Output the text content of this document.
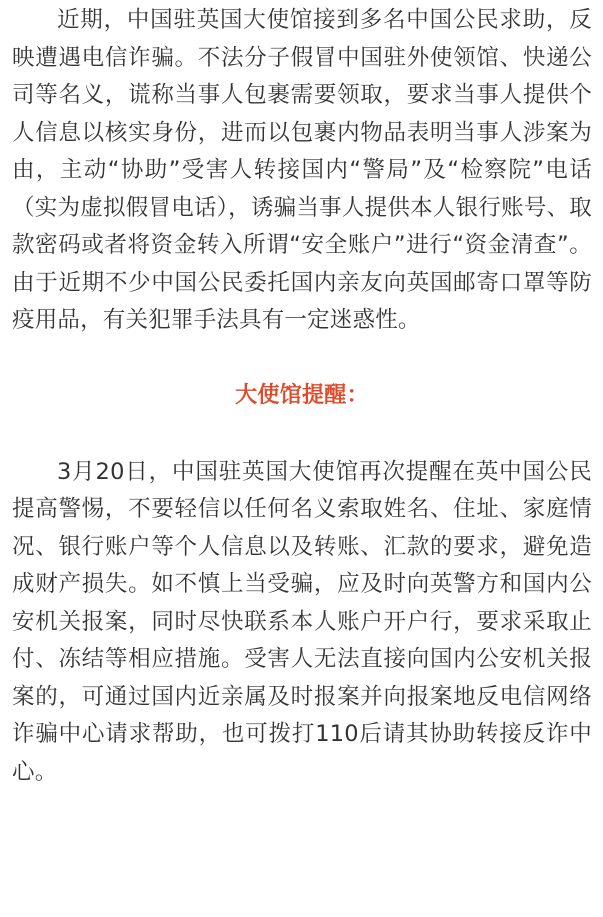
近期，中国驻英国大使馆接到多名中国公民求助，反映遭遇电信诈骗。不法分子假冒中国驻外使领馆、快递公司等名义，谎称当事人包裹需要领取，要求当事人提供个人信息以核实身份，进而以包裹内物品表明当事人涉案为由，主动“协助”受害人转接国内“警局”及“检察院”电话（实为虚拟假冒电话），诱骗当事人提供本人银行账号、取款密码或者将资金转入所谓“安全账户”进行“资金清查”。由于近期不少中国公民委托国内亲友向英国邮寄口罩等防疫用品，有关犯罪手法具有一定迷惑性。

大使馆提醒：

3月20日，中国驻英国大使馆再次提醒在英中国公民提高警惕，不要轻信以任何名义索取姓名、住址、家庭情况、银行账户等个人信息以及转账、汇款的要求，避免造成财产损失。如不慎上当受骗，应及时向英警方和国内公安机关报案，同时尽快联系本人账户开户行，要求采取止付、冻结等相应措施。受害人无法直接向国内公安机关报案的，可通过国内近亲属及时报案并向报案地反电信网络诈骗中心请求帮助，也可拨打110后请其协助转接反诈中心。
